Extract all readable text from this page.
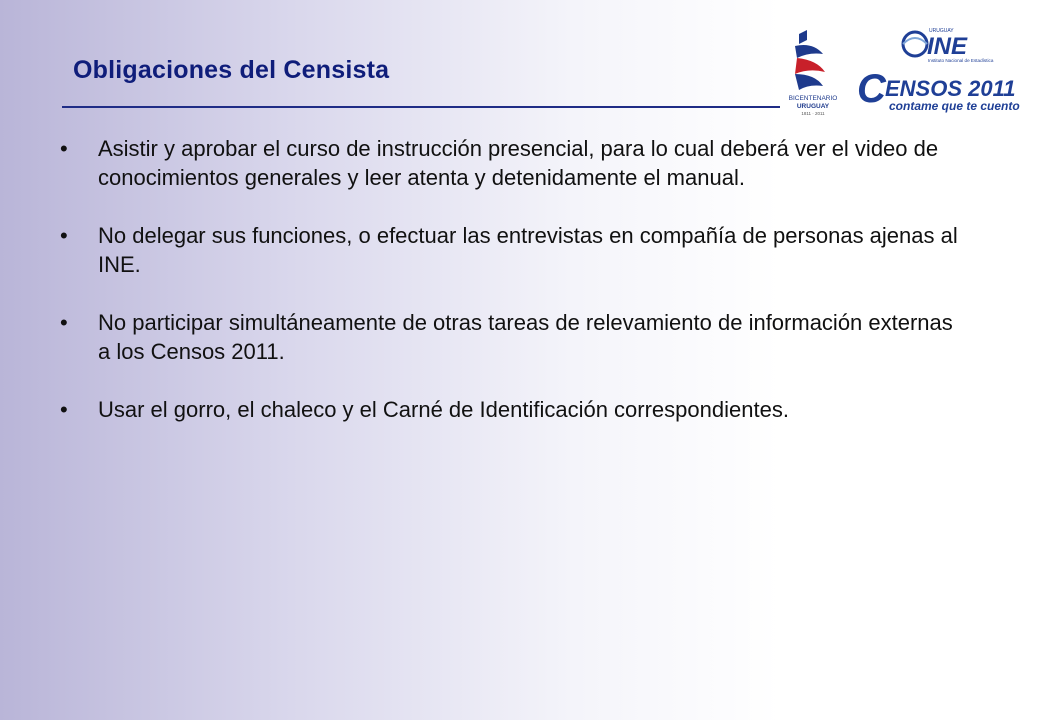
Obligaciones del Censista
BICENTENARIO
URUGUAY
1811 · 2011
URUGUAY
INE
Instituto Nacional de Estadística
C ENSOS 2011
contame que te cuento
• Asistir y aprobar el curso de instrucción presencial, para lo cual deberá ver el video de conocimientos generales y leer atenta y detenidamente el manual.
• No delegar sus funciones, o efectuar las entrevistas en compañía de personas ajenas al INE.
• No participar simultáneamente de otras tareas de relevamiento de información externas a los Censos 2011.
• Usar el gorro, el chaleco y el Carné de Identificación correspondientes.
